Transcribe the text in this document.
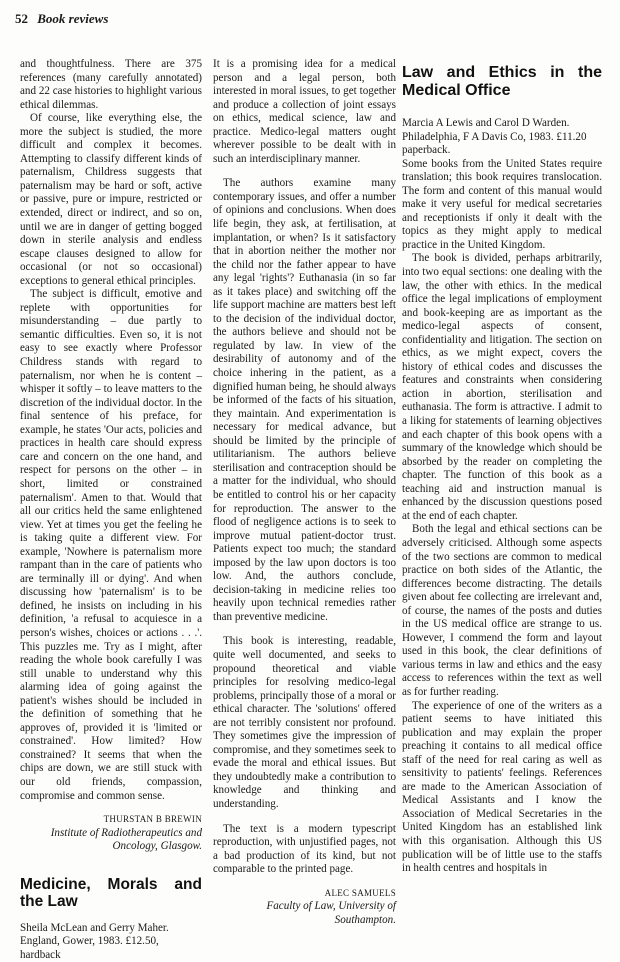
52 Book reviews

and thoughtfulness. There are 375 references (many carefully annotated) and 22 case histories to highlight various ethical dilemmas.

Of course, like everything else, the more the subject is studied, the more difficult and complex it becomes. Attempting to classify different kinds of paternalism, Childress suggests that paternalism may be hard or soft, active or passive, pure or impure, restricted or extended, direct or indirect, and so on, until we are in danger of getting bogged down in sterile analysis and endless escape clauses designed to allow for occasional (or not so occasional) exceptions to general ethical principles.

The subject is difficult, emotive and replete with opportunities for misunderstanding – due partly to semantic difficulties. Even so, it is not easy to see exactly where Professor Childress stands with regard to paternalism, nor when he is content – whisper it softly – to leave matters to the discretion of the individual doctor. In the final sentence of his preface, for example, he states 'Our acts, policies and practices in health care should express care and concern on the one hand, and respect for persons on the other – in short, limited or constrained paternalism'. Amen to that. Would that all our critics held the same enlightened view. Yet at times you get the feeling he is taking quite a different view. For example, 'Nowhere is paternalism more rampant than in the care of patients who are terminally ill or dying'. And when discussing how 'paternalism' is to be defined, he insists on including in his definition, 'a refusal to acquiesce in a person's wishes, choices or actions . . .'. This puzzles me. Try as I might, after reading the whole book carefully I was still unable to understand why this alarming idea of going against the patient's wishes should be included in the definition of something that he approves of, provided it is 'limited or constrained'. How limited? How constrained? It seems that when the chips are down, we are still stuck with our old friends, compassion, compromise and common sense.

THURSTAN B BREWIN
Institute of Radiotherapeutics and Oncology, Glasgow.
Medicine, Morals and the Law

Sheila McLean and Gerry Maher. England, Gower, 1983. £12.50, hardback

It is a promising idea for a medical person and a legal person, both interested in moral issues, to get together and produce a collection of joint essays on ethics, medical science, law and practice. Medico-legal matters ought wherever possible to be dealt with in such an interdisciplinary manner.

The authors examine many contemporary issues, and offer a number of opinions and conclusions. When does life begin, they ask, at fertilisation, at implantation, or when? Is it satisfactory that in abortion neither the mother nor the child nor the father appear to have any legal 'rights'? Euthanasia (in so far as it takes place) and switching off the life support machine are matters best left to the decision of the individual doctor, the authors believe and should not be regulated by law. In view of the desirability of autonomy and of the choice inhering in the patient, as a dignified human being, he should always be informed of the facts of his situation, they maintain. And experimentation is necessary for medical advance, but should be limited by the principle of utilitarianism. The authors believe sterilisation and contraception should be a matter for the individual, who should be entitled to control his or her capacity for reproduction. The answer to the flood of negligence actions is to seek to improve mutual patient-doctor trust. Patients expect too much; the standard imposed by the law upon doctors is too low. And, the authors conclude, decision-taking in medicine relies too heavily upon technical remedies rather than preventive medicine.

This book is interesting, readable, quite well documented, and seeks to propound theoretical and viable principles for resolving medico-legal problems, principally those of a moral or ethical character. The 'solutions' offered are not terribly consistent nor profound. They sometimes give the impression of compromise, and they sometimes seek to evade the moral and ethical issues. But they undoubtedly make a contribution to knowledge and thinking and understanding.

The text is a modern typescript reproduction, with unjustified pages, not a bad production of its kind, but not comparable to the printed page.

ALEC SAMUELS
Faculty of Law, University of Southampton.
Law and Ethics in the Medical Office

Marcia A Lewis and Carol D Warden.
Philadelphia, F A Davis Co, 1983. £11.20 paperback.

Some books from the United States require translation; this book requires translocation. The form and content of this manual would make it very useful for medical secretaries and receptionists if only it dealt with the topics as they might apply to medical practice in the United Kingdom.

The book is divided, perhaps arbitrarily, into two equal sections: one dealing with the law, the other with ethics. In the medical office the legal implications of employment and book-keeping are as important as the medico-legal aspects of consent, confidentiality and litigation. The section on ethics, as we might expect, covers the history of ethical codes and discusses the features and constraints when considering action in abortion, sterilisation and euthanasia. The form is attractive. I admit to a liking for statements of learning objectives and each chapter of this book opens with a summary of the knowledge which should be absorbed by the reader on completing the chapter. The function of this book as a teaching aid and instruction manual is enhanced by the discussion questions posed at the end of each chapter.

Both the legal and ethical sections can be adversely criticised. Although some aspects of the two sections are common to medical practice on both sides of the Atlantic, the differences become distracting. The details given about fee collecting are irrelevant and, of course, the names of the posts and duties in the US medical office are strange to us. However, I commend the form and layout used in this book, the clear definitions of various terms in law and ethics and the easy access to references within the text as well as for further reading.

The experience of one of the writers as a patient seems to have initiated this publication and may explain the proper preaching it contains to all medical office staff of the need for real caring as well as sensitivity to patients' feelings. References are made to the American Association of Medical Assistants and I know the Association of Medical Secretaries in the United Kingdom has an established link with this organisation. Although this US publication will be of little use to the staffs in health centres and hospitals in
